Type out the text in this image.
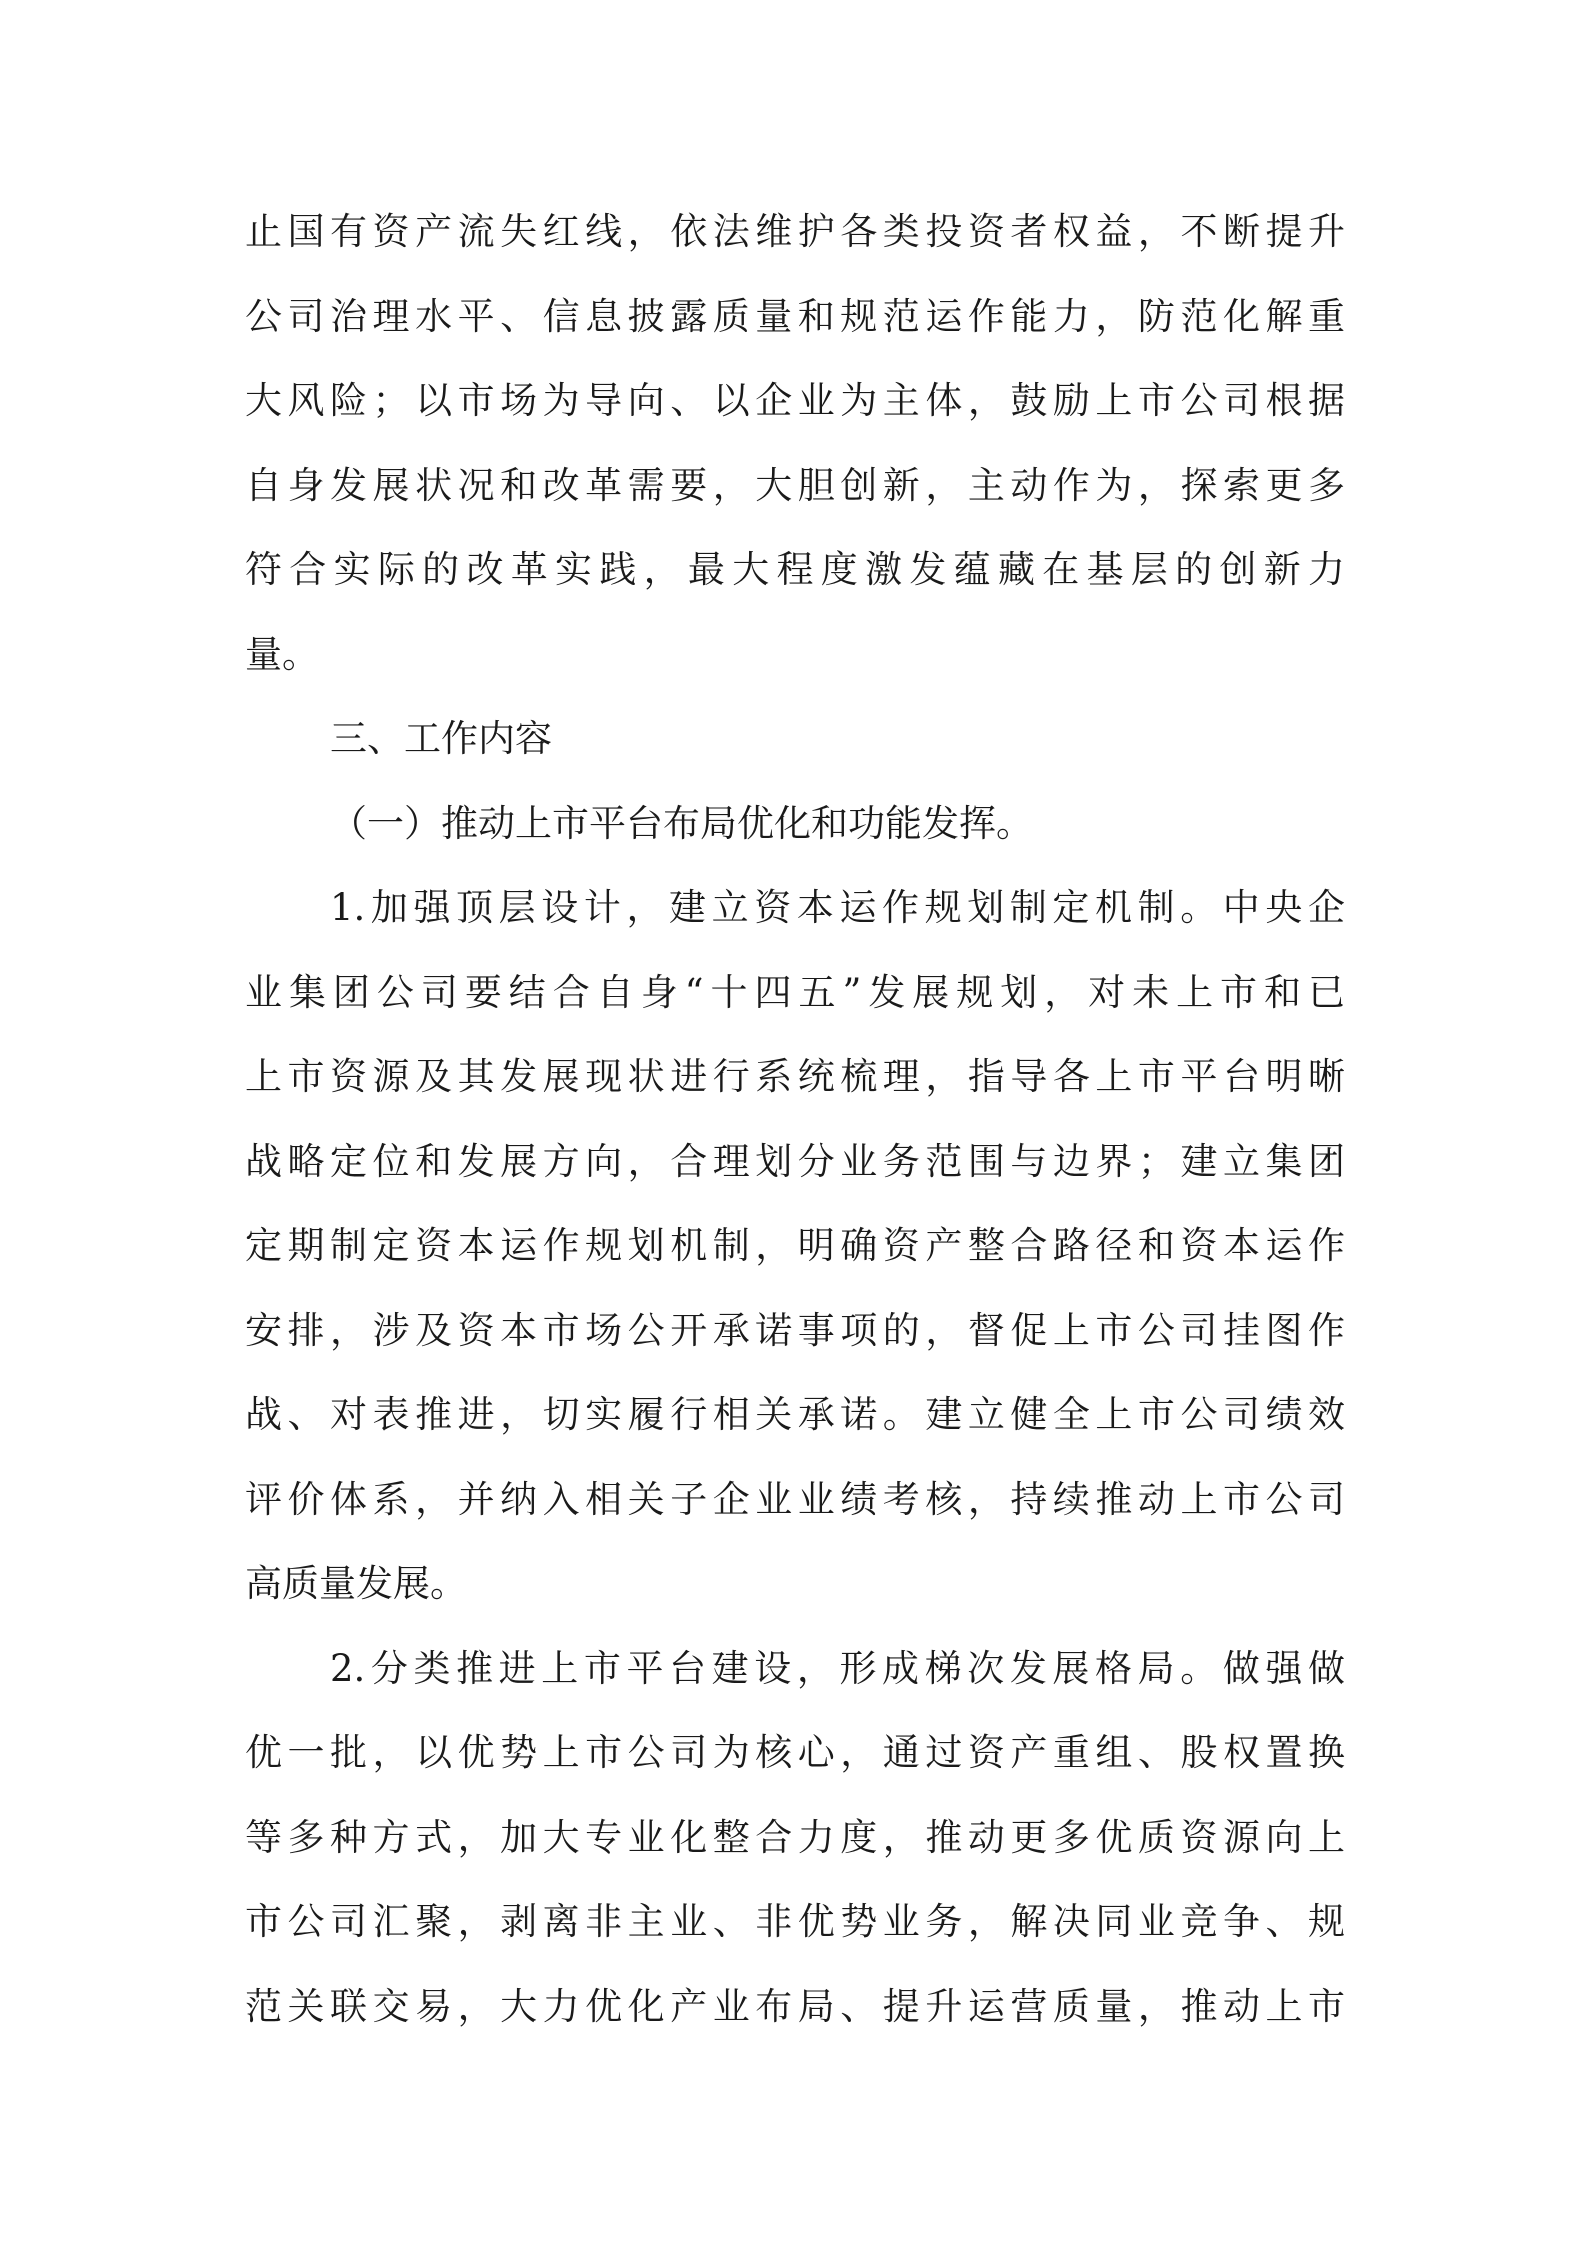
止国有资产流失红线，依法维护各类投资者权益，不断提升
公司治理水平、信息披露质量和规范运作能力，防范化解重
大风险；以市场为导向、以企业为主体，鼓励上市公司根据
自身发展状况和改革需要，大胆创新，主动作为，探索更多
符合实际的改革实践，最大程度激发蕴藏在基层的创新力
量。
三、工作内容
（一）推动上市平台布局优化和功能发挥。
1.加强顶层设计，建立资本运作规划制定机制。中央企
业集团公司要结合自身“十四五”发展规划，对未上市和已
上市资源及其发展现状进行系统梳理，指导各上市平台明晰
战略定位和发展方向，合理划分业务范围与边界；建立集团
定期制定资本运作规划机制，明确资产整合路径和资本运作
安排，涉及资本市场公开承诺事项的，督促上市公司挂图作
战、对表推进，切实履行相关承诺。建立健全上市公司绩效
评价体系，并纳入相关子企业业绩考核，持续推动上市公司
高质量发展。
2.分类推进上市平台建设，形成梯次发展格局。做强做
优一批，以优势上市公司为核心，通过资产重组、股权置换
等多种方式，加大专业化整合力度，推动更多优质资源向上
市公司汇聚，剥离非主业、非优势业务，解决同业竞争、规
范关联交易，大力优化产业布局、提升运营质量，推动上市
